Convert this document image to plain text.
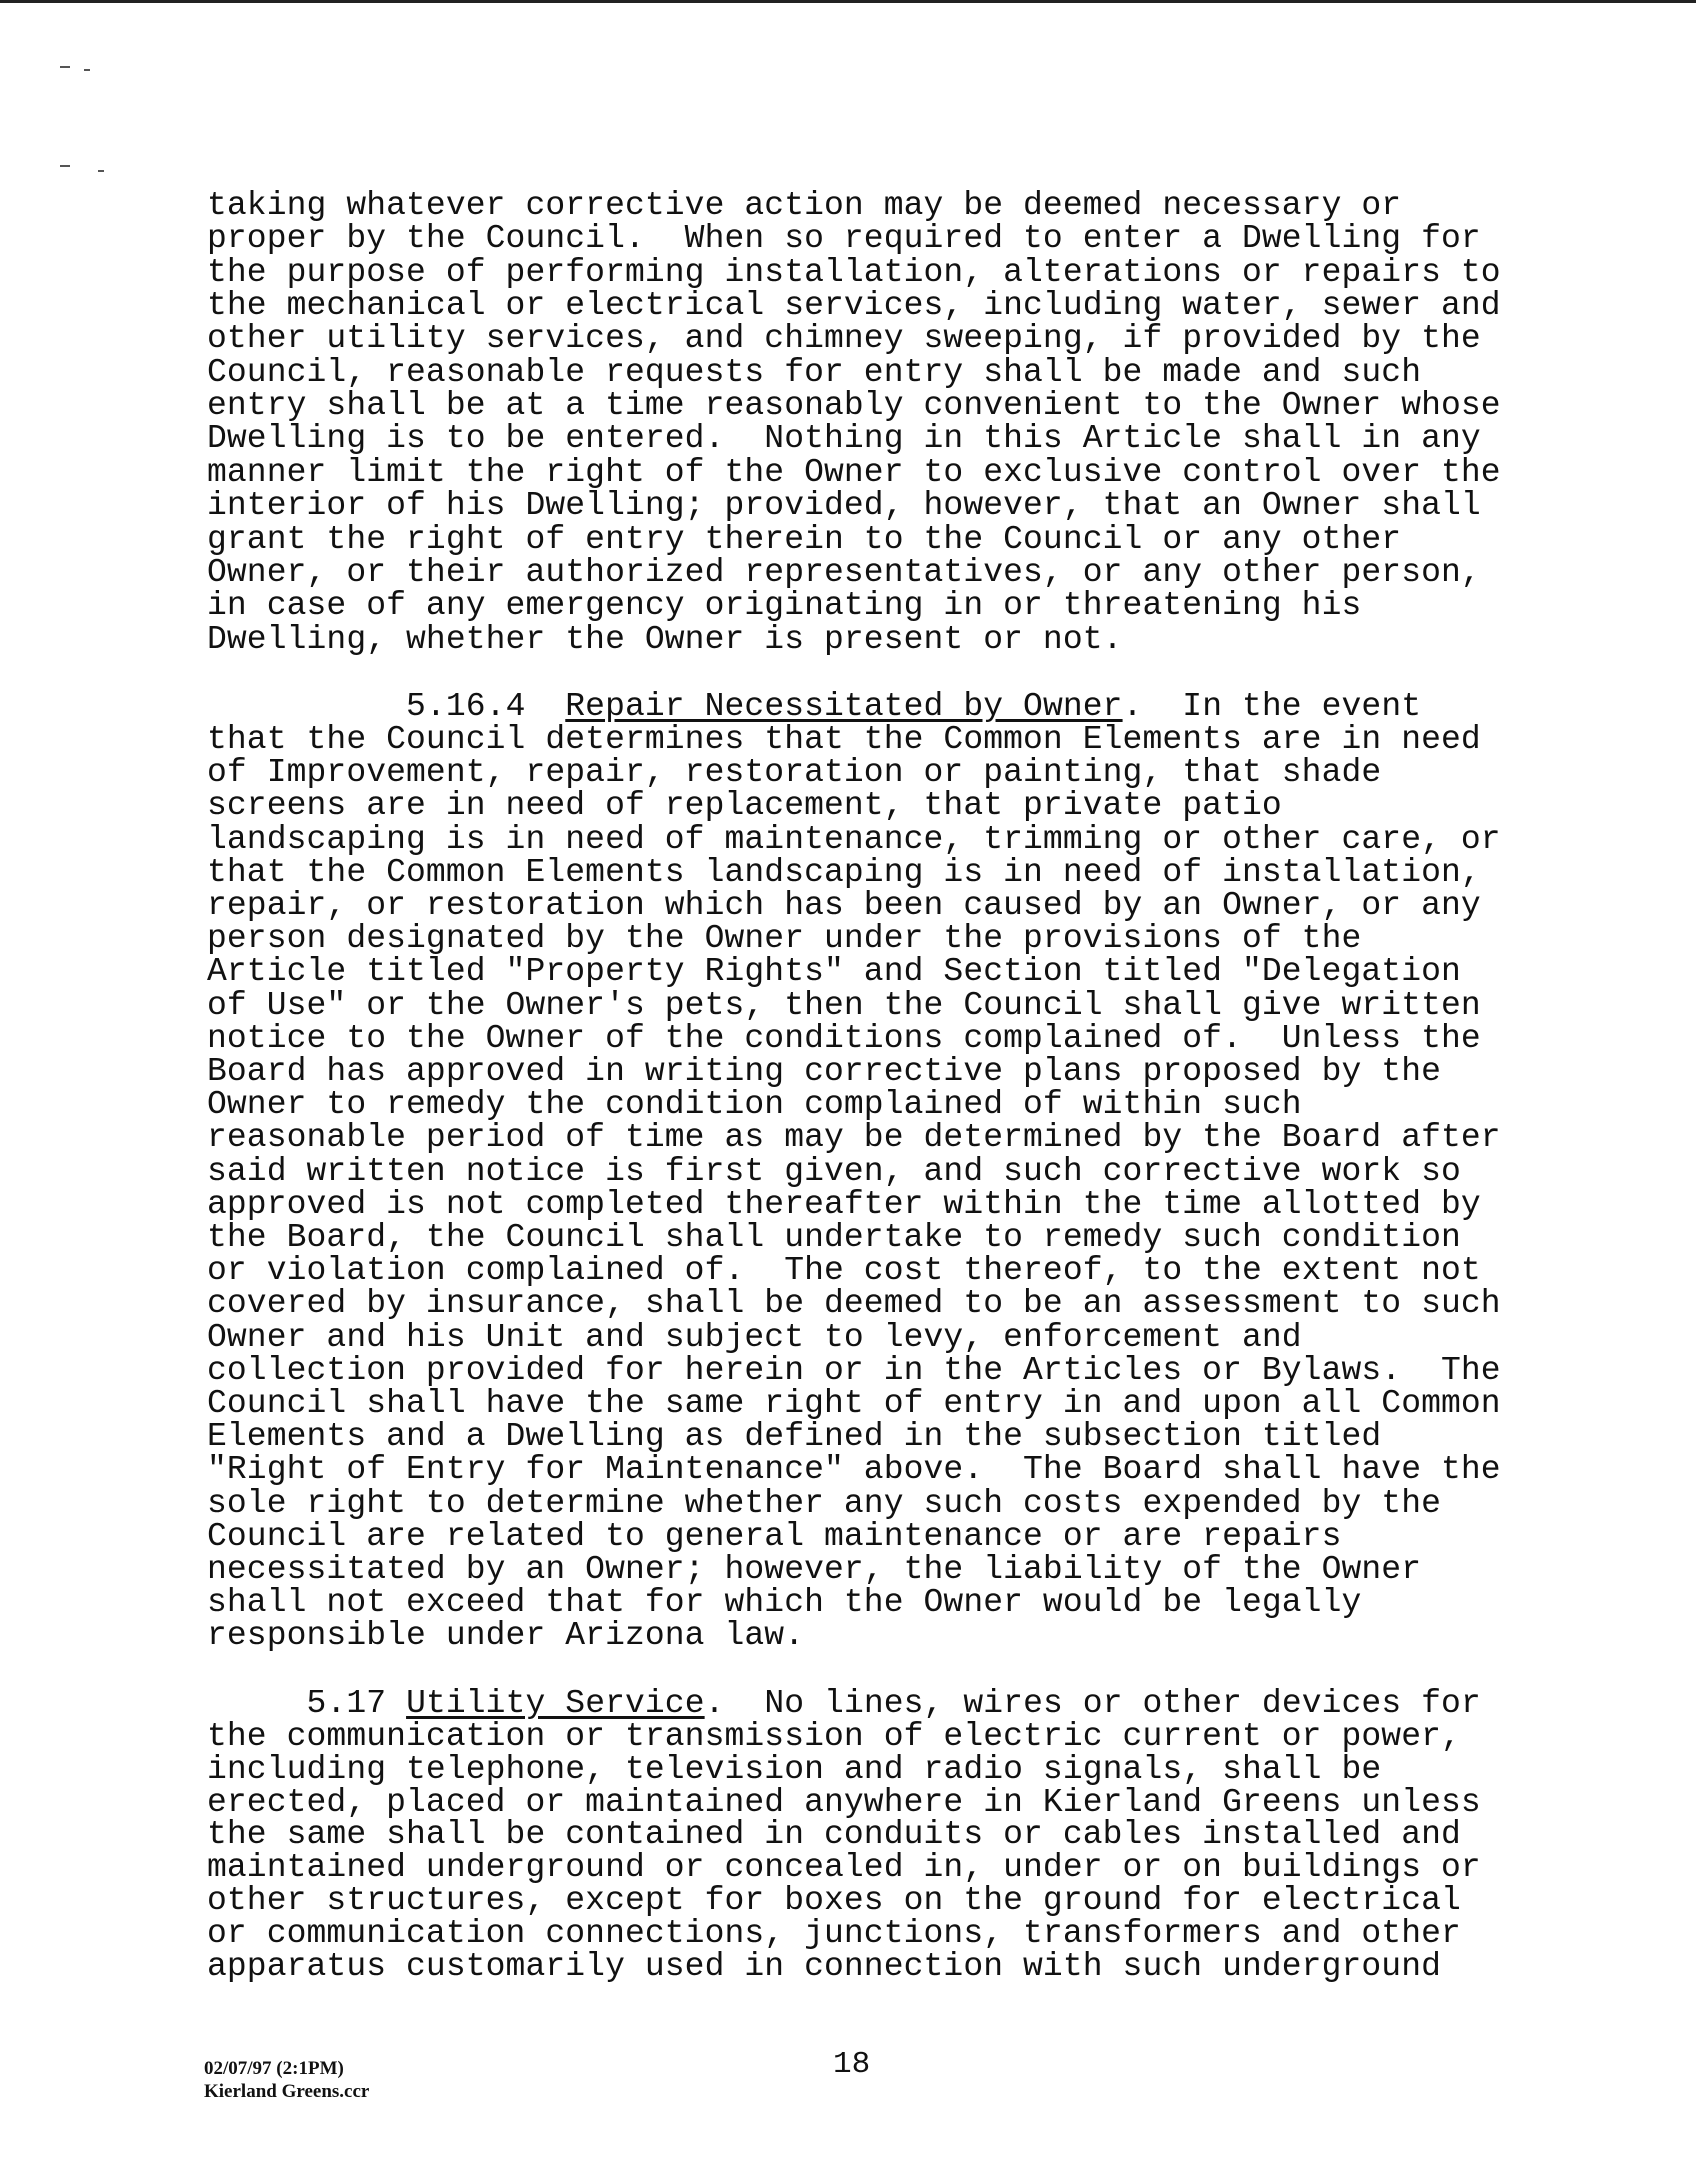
taking whatever corrective action may be deemed necessary or
proper by the Council.  When so required to enter a Dwelling for
the purpose of performing installation, alterations or repairs to
the mechanical or electrical services, including water, sewer and
other utility services, and chimney sweeping, if provided by the
Council, reasonable requests for entry shall be made and such
entry shall be at a time reasonably convenient to the Owner whose
Dwelling is to be entered.  Nothing in this Article shall in any
manner limit the right of the Owner to exclusive control over the
interior of his Dwelling; provided, however, that an Owner shall
grant the right of entry therein to the Council or any other
Owner, or their authorized representatives, or any other person,
in case of any emergency originating in or threatening his
Dwelling, whether the Owner is present or not.
5.16.4 Repair Necessitated by Owner.  In the event
that the Council determines that the Common Elements are in need
of Improvement, repair, restoration or painting, that shade
screens are in need of replacement, that private patio
landscaping is in need of maintenance, trimming or other care, or
that the Common Elements landscaping is in need of installation,
repair, or restoration which has been caused by an Owner, or any
person designated by the Owner under the provisions of the
Article titled "Property Rights" and Section titled "Delegation
of Use" or the Owner's pets, then the Council shall give written
notice to the Owner of the conditions complained of.  Unless the
Board has approved in writing corrective plans proposed by the
Owner to remedy the condition complained of within such
reasonable period of time as may be determined by the Board after
said written notice is first given, and such corrective work so
approved is not completed thereafter within the time allotted by
the Board, the Council shall undertake to remedy such condition
or violation complained of.  The cost thereof, to the extent not
covered by insurance, shall be deemed to be an assessment to such
Owner and his Unit and subject to levy, enforcement and
collection provided for herein or in the Articles or Bylaws.  The
Council shall have the same right of entry in and upon all Common
Elements and a Dwelling as defined in the subsection titled
"Right of Entry for Maintenance" above.  The Board shall have the
sole right to determine whether any such costs expended by the
Council are related to general maintenance or are repairs
necessitated by an Owner; however, the liability of the Owner
shall not exceed that for which the Owner would be legally
responsible under Arizona law.
5.17 Utility Service.  No lines, wires or other devices for
the communication or transmission of electric current or power,
including telephone, television and radio signals, shall be
erected, placed or maintained anywhere in Kierland Greens unless
the same shall be contained in conduits or cables installed and
maintained underground or concealed in, under or on buildings or
other structures, except for boxes on the ground for electrical
or communication connections, junctions, transformers and other
apparatus customarily used in connection with such underground
02/07/97 (2:1PM)
Kierland Greens.ccr
18
